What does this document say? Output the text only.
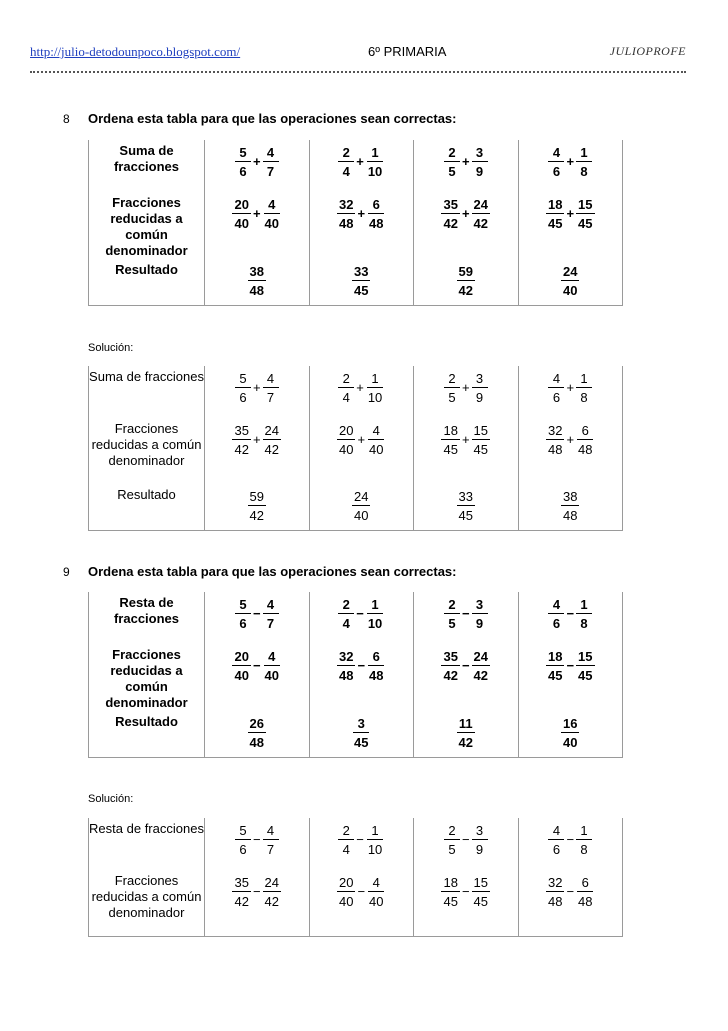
http://julio-detodounpoco.blogspot.com/	6º PRIMARIA	JULIOPROFE
8 Ordena esta tabla para que las operaciones sean correctas:
Suma de fracciones	$\frac{5}{6} + \frac{4}{7}$	$\frac{2}{4} + \frac{1}{10}$	$\frac{2}{5} + \frac{3}{9}$	$\frac{4}{6} + \frac{1}{8}$

Fracciones reducidas a común denominador	$\frac{20}{40} + \frac{4}{40}$	$\frac{32}{48} + \frac{6}{48}$	$\frac{35}{42} + \frac{24}{42}$	$\frac{18}{45} + \frac{15}{45}$

Resultado	$\frac{38}{48}$	$\frac{33}{45}$	$\frac{59}{42}$	$\frac{24}{40}$
Solución:
Suma de fracciones	$\frac{5}{6} + \frac{4}{7}$	$\frac{2}{4} + \frac{1}{10}$	$\frac{2}{5} + \frac{3}{9}$	$\frac{4}{6} + \frac{1}{8}$

Fracciones reducidas a común denominador	$\frac{35}{42} + \frac{24}{42}$	$\frac{20}{40} + \frac{4}{40}$	$\frac{18}{45} + \frac{15}{45}$	$\frac{32}{48} + \frac{6}{48}$

Resultado	$\frac{59}{42}$	$\frac{24}{40}$	$\frac{33}{45}$	$\frac{38}{48}$
9 Ordena esta tabla para que las operaciones sean correctas:
Resta de fracciones	$\frac{5}{6} - \frac{4}{7}$	$\frac{2}{4} - \frac{1}{10}$	$\frac{2}{5} - \frac{3}{9}$	$\frac{4}{6} - \frac{1}{8}$

Fracciones reducidas a común denominador	$\frac{20}{40} - \frac{4}{40}$	$\frac{32}{48} - \frac{6}{48}$	$\frac{35}{42} - \frac{24}{42}$	$\frac{18}{45} - \frac{15}{45}$

Resultado	$\frac{26}{48}$	$\frac{3}{45}$	$\frac{11}{42}$	$\frac{16}{40}$
Solución:
Resta de fracciones	$\frac{5}{6} - \frac{4}{7}$	$\frac{2}{4} - \frac{1}{10}$	$\frac{2}{5} - \frac{3}{9}$	$\frac{4}{6} - \frac{1}{8}$

Fracciones reducidas a común denominador	$\frac{35}{42} - \frac{24}{42}$	$\frac{20}{40} - \frac{4}{40}$	$\frac{18}{45} - \frac{15}{45}$	$\frac{32}{48} - \frac{6}{48}$
